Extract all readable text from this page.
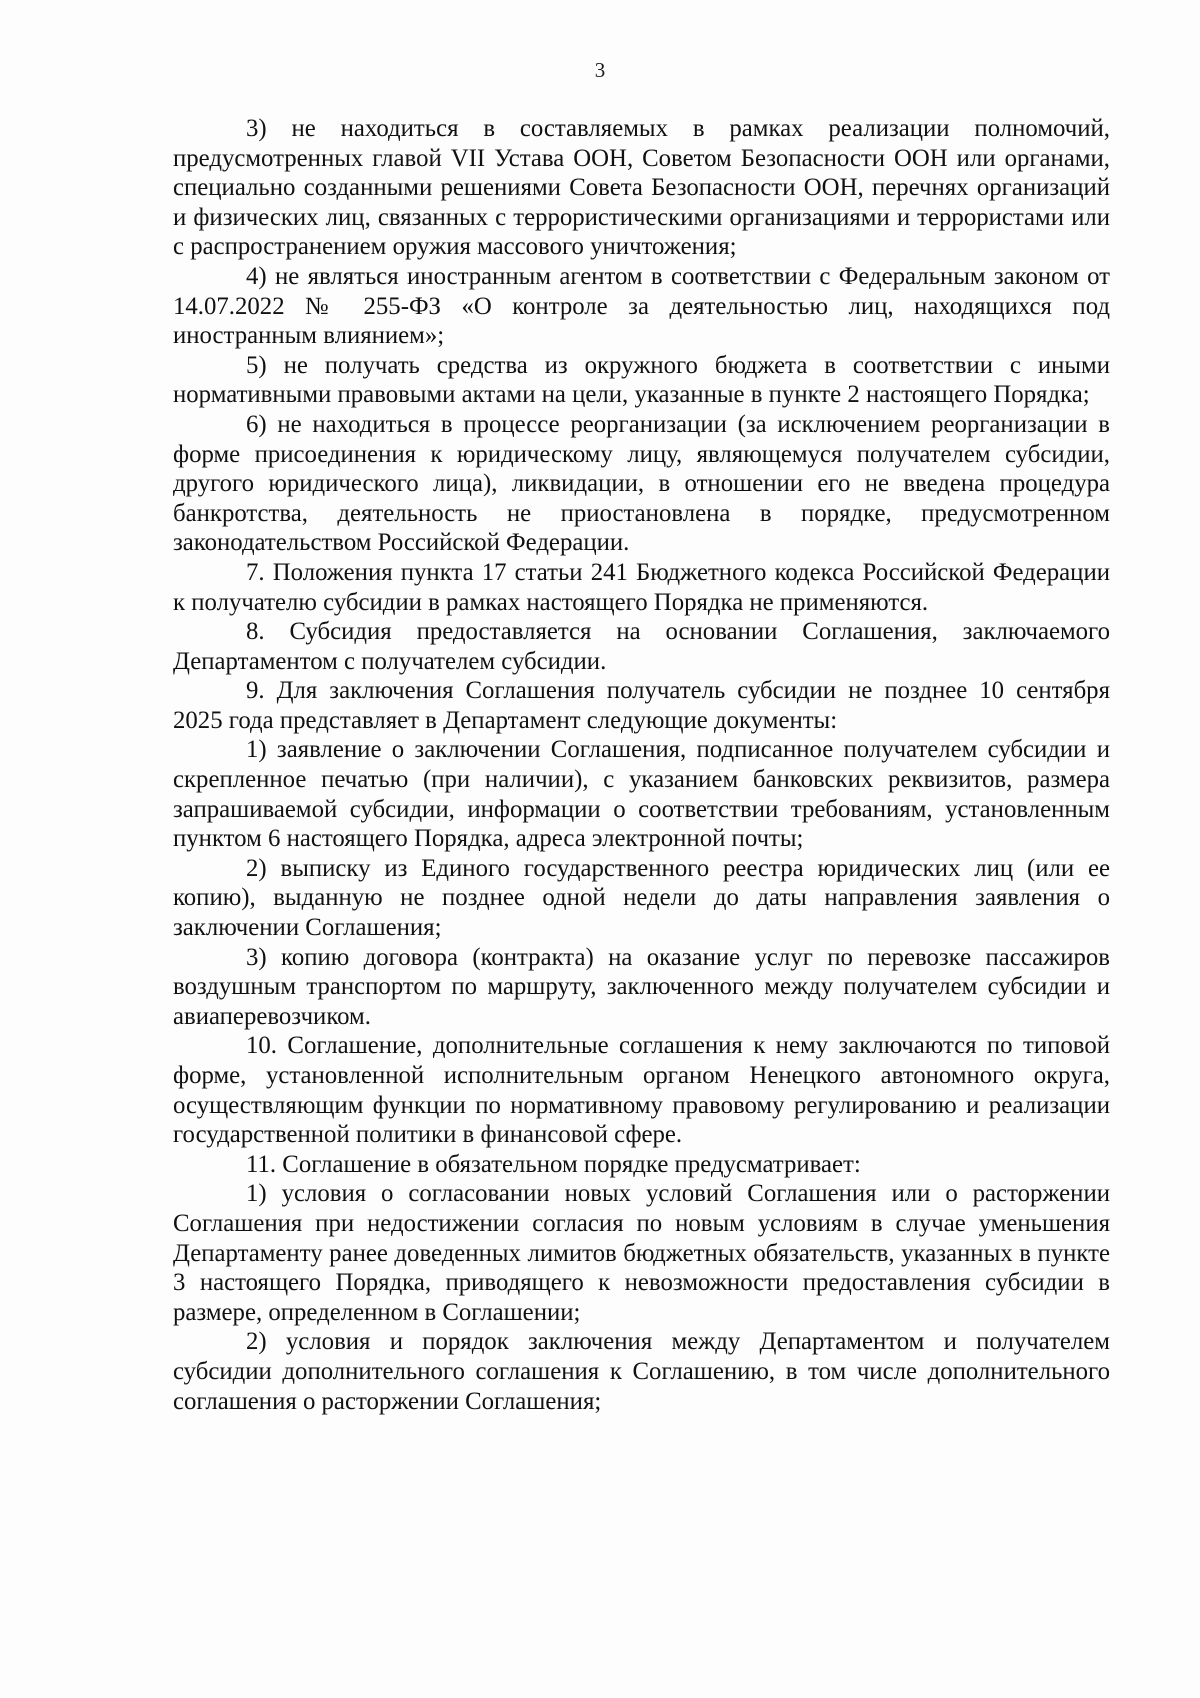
3

3) не находиться в составляемых в рамках реализации полномочий, предусмотренных главой VII Устава ООН, Советом Безопасности ООН или органами, специально созданными решениями Совета Безопасности ООН, перечнях организаций и физических лиц, связанных с террористическими организациями и террористами или с распространением оружия массового уничтожения;

4) не являться иностранным агентом в соответствии с Федеральным законом от 14.07.2022 № 255-ФЗ «О контроле за деятельностью лиц, находящихся под иностранным влиянием»;

5) не получать средства из окружного бюджета в соответствии с иными нормативными правовыми актами на цели, указанные в пункте 2 настоящего Порядка;

6) не находиться в процессе реорганизации (за исключением реорганизации в форме присоединения к юридическому лицу, являющемуся получателем субсидии, другого юридического лица), ликвидации, в отношении его не введена процедура банкротства, деятельность не приостановлена в порядке, предусмотренном законодательством Российской Федерации.

7. Положения пункта 17 статьи 241 Бюджетного кодекса Российской Федерации к получателю субсидии в рамках настоящего Порядка не применяются.

8. Субсидия предоставляется на основании Соглашения, заключаемого Департаментом с получателем субсидии.

9. Для заключения Соглашения получатель субсидии не позднее 10 сентября 2025 года представляет в Департамент следующие документы:

1) заявление о заключении Соглашения, подписанное получателем субсидии и скрепленное печатью (при наличии), с указанием банковских реквизитов, размера запрашиваемой субсидии, информации о соответствии требованиям, установленным пунктом 6 настоящего Порядка, адреса электронной почты;

2) выписку из Единого государственного реестра юридических лиц (или ее копию), выданную не позднее одной недели до даты направления заявления о заключении Соглашения;

3) копию договора (контракта) на оказание услуг по перевозке пассажиров воздушным транспортом по маршруту, заключенного между получателем субсидии и авиаперевозчиком.

10. Соглашение, дополнительные соглашения к нему заключаются по типовой форме, установленной исполнительным органом Ненецкого автономного округа, осуществляющим функции по нормативному правовому регулированию и реализации государственной политики в финансовой сфере.

11. Соглашение в обязательном порядке предусматривает:

1) условия о согласовании новых условий Соглашения или о расторжении Соглашения при недостижении согласия по новым условиям в случае уменьшения Департаменту ранее доведенных лимитов бюджетных обязательств, указанных в пункте 3 настоящего Порядка, приводящего к невозможности предоставления субсидии в размере, определенном в Соглашении;

2) условия и порядок заключения между Департаментом и получателем субсидии дополнительного соглашения к Соглашению, в том числе дополнительного соглашения о расторжении Соглашения;
